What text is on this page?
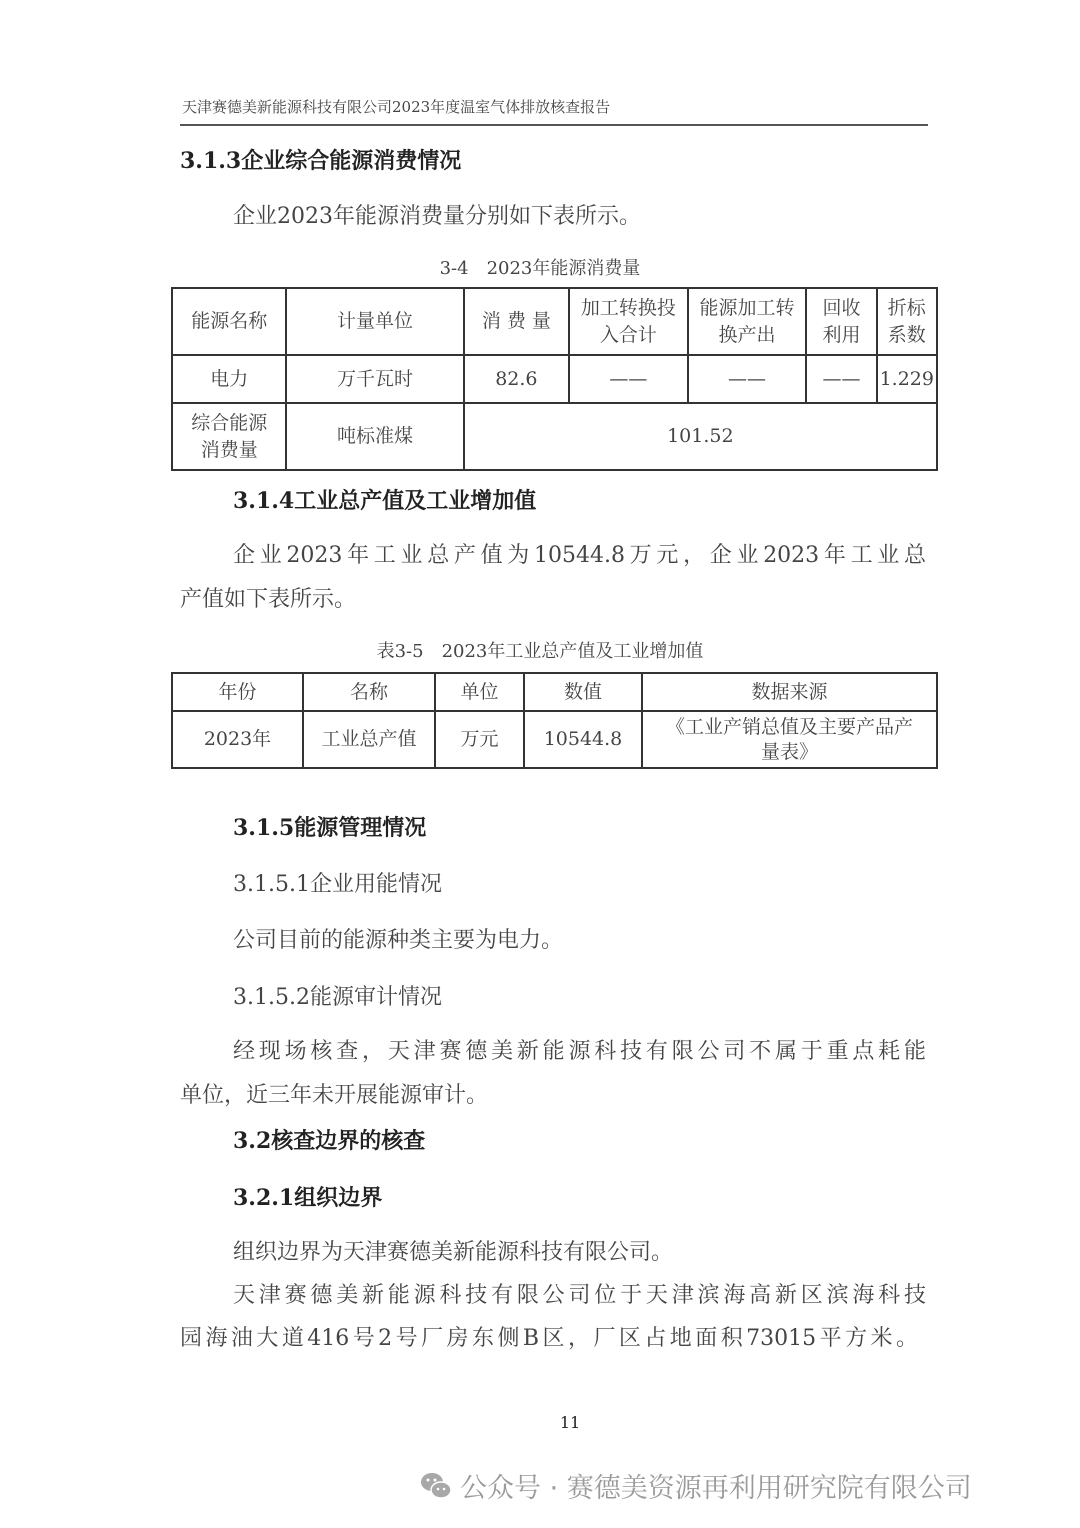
天津赛德美新能源科技有限公司2023年度温室气体排放核查报告
3.1.3企业综合能源消费情况
企业2023年能源消费量分别如下表所示。
3-4　2023年能源消费量
能源名称	计量单位	消 费 量	加工转换投入合计	能源加工转换产出	回收利用	折标系数
电力	万千瓦时	82.6	——	——	——	1.229
综合能源消费量	吨标准煤	101.52				
3.1.4工业总产值及工业增加值
企业2023年工业总产值为10544.8万元，企业2023年工业总
产值如下表所示。
表3-5　2023年工业总产值及工业增加值
年份	名称	单位	数值	数据来源
2023年	工业总产值	万元	10544.8	《工业产销总值及主要产品产量表》
3.1.5能源管理情况
3.1.5.1企业用能情况
公司目前的能源种类主要为电力。
3.1.5.2能源审计情况
经现场核查，天津赛德美新能源科技有限公司不属于重点耗能
单位，近三年未开展能源审计。
3.2核查边界的核查
3.2.1组织边界
组织边界为天津赛德美新能源科技有限公司。
天津赛德美新能源科技有限公司位于天津滨海高新区滨海科技
园海油大道416号2号厂房东侧B区，厂区占地面积73015平方米。
11
公众号 · 赛德美资源再利用研究院有限公司
